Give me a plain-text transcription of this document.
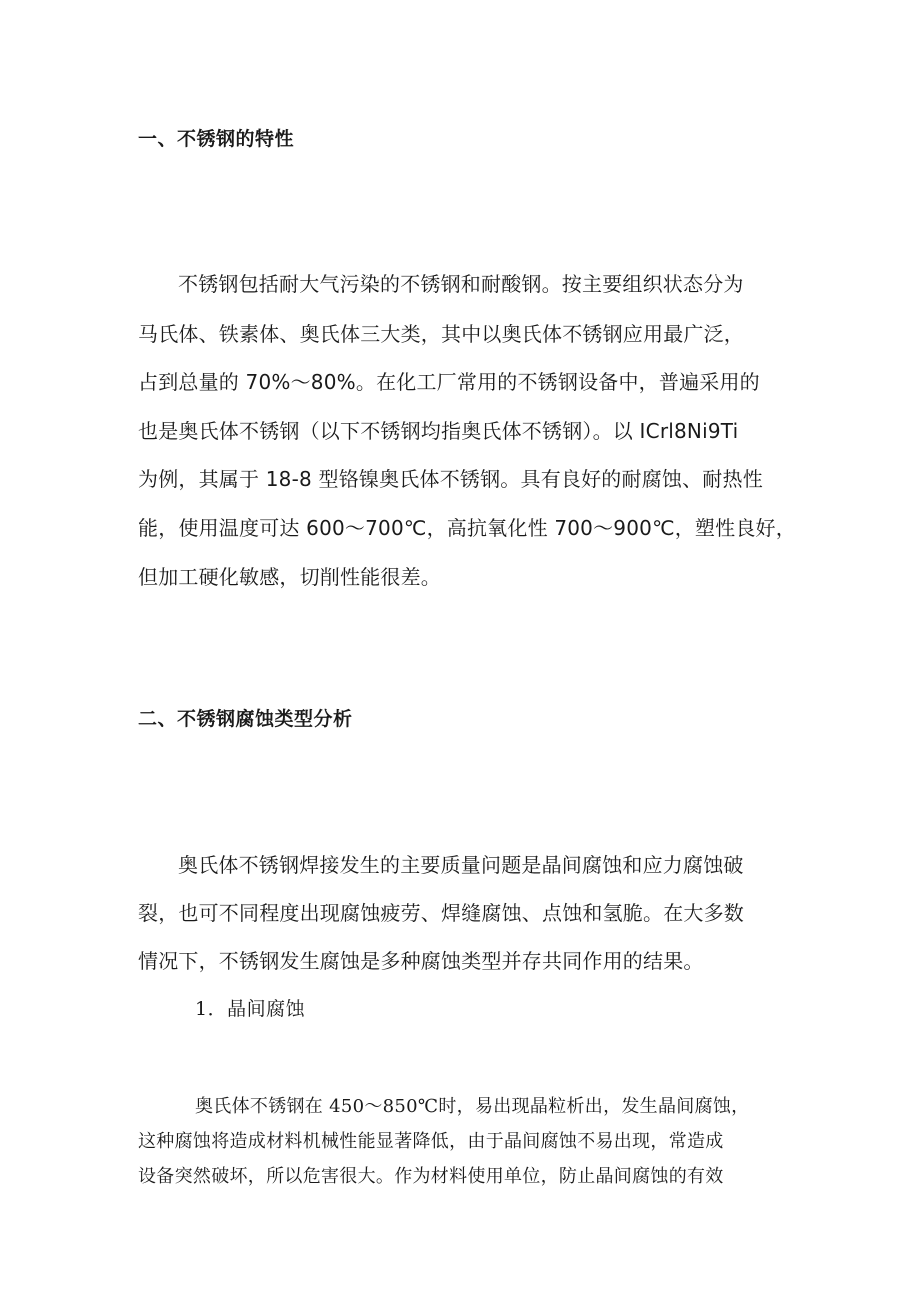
一、不锈钢的特性
不锈钢包括耐大气污染的不锈钢和耐酸钢。按主要组织状态分为
马氏体、铁素体、奥氏体三大类，其中以奥氏体不锈钢应用最广泛，
占到总量的 70%～80%。在化工厂常用的不锈钢设备中，普遍采用的
也是奥氏体不锈钢（以下不锈钢均指奥氏体不锈钢）。以 ICrl8Ni9Ti
为例，其属于 18-8 型铬镍奥氏体不锈钢。具有良好的耐腐蚀、耐热性
能，使用温度可达 600～700℃，高抗氧化性 700～900℃，塑性良好，
但加工硬化敏感，切削性能很差。
二、不锈钢腐蚀类型分析
奥氏体不锈钢焊接发生的主要质量问题是晶间腐蚀和应力腐蚀破
裂，也可不同程度出现腐蚀疲劳、焊缝腐蚀、点蚀和氢脆。在大多数
情况下，不锈钢发生腐蚀是多种腐蚀类型并存共同作用的结果。
1．晶间腐蚀
奥氏体不锈钢在 450～850℃时，易出现晶粒析出，发生晶间腐蚀，
这种腐蚀将造成材料机械性能显著降低，由于晶间腐蚀不易出现，常造成
设备突然破坏，所以危害很大。作为材料使用单位，防止晶间腐蚀的有效
